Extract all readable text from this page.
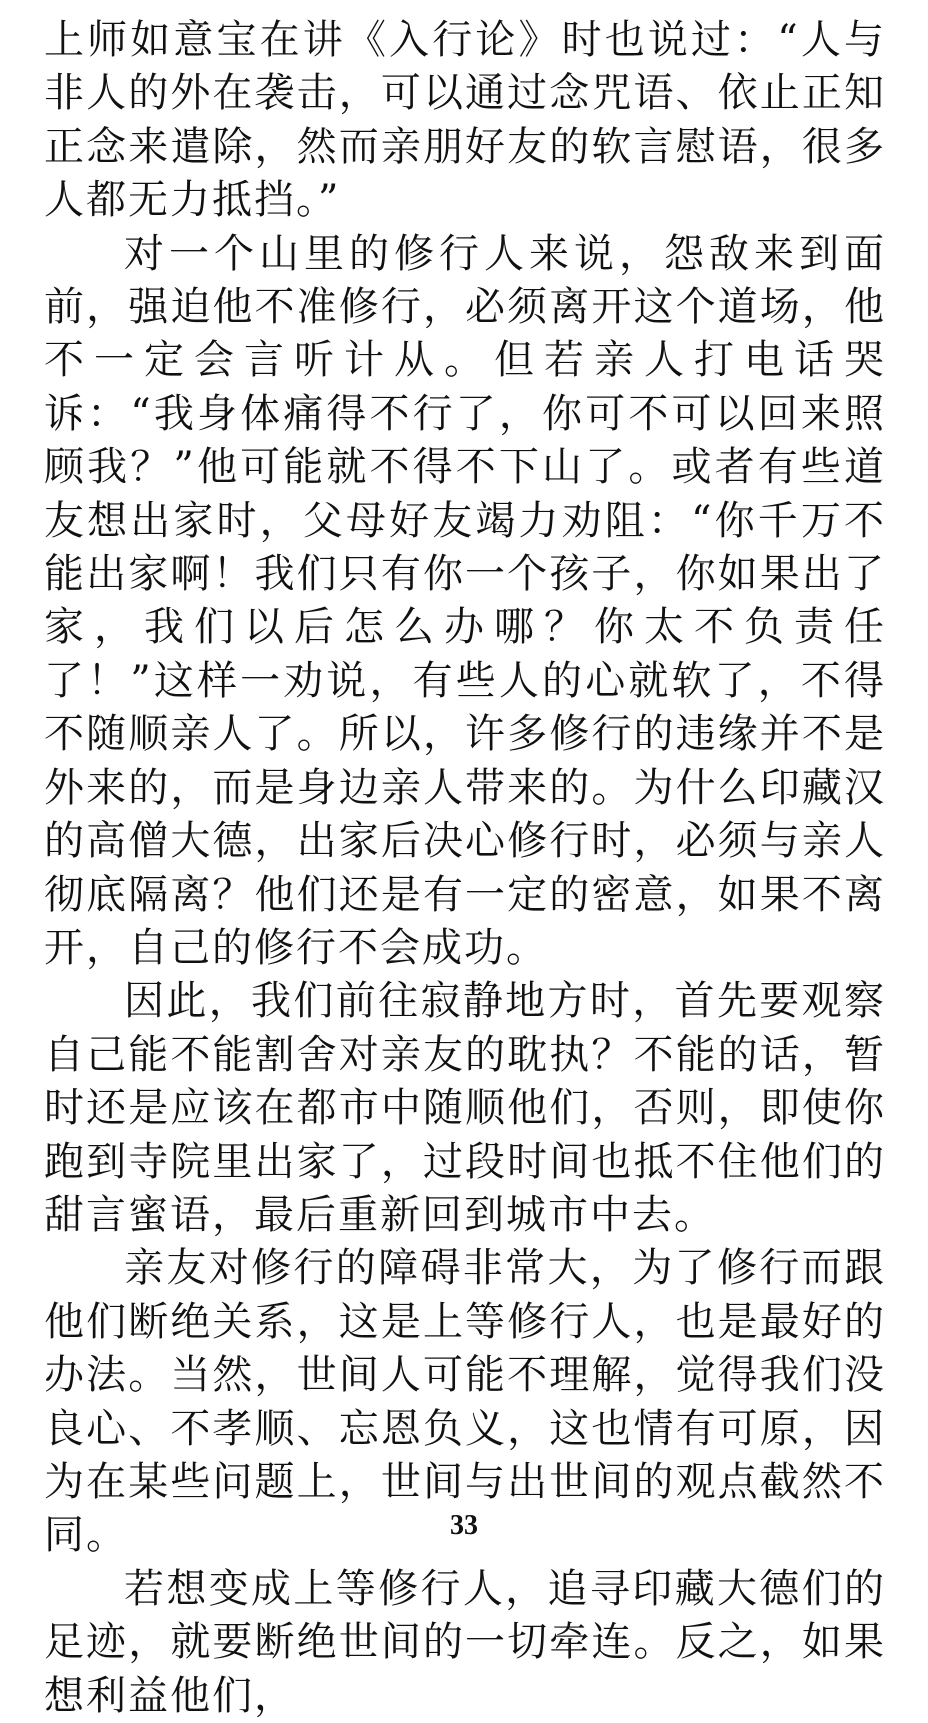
上师如意宝在讲《入行论》时也说过：“人与非人的外在袭击，可以通过念咒语、依止正知正念来遣除，然而亲朋好友的软言慰语，很多人都无力抵挡。”

对一个山里的修行人来说，怨敌来到面前，强迫他不准修行，必须离开这个道场，他不一定会言听计从。但若亲人打电话哭诉：“我身体痛得不行了，你可不可以回来照顾我？”他可能就不得不下山了。或者有些道友想出家时，父母好友竭力劝阻：“你千万不能出家啊！我们只有你一个孩子，你如果出了家，我们以后怎么办哪？你太不负责任了！”这样一劝说，有些人的心就软了，不得不随顺亲人了。所以，许多修行的违缘并不是外来的，而是身边亲人带来的。为什么印藏汉的高僧大德，出家后决心修行时，必须与亲人彻底隔离？他们还是有一定的密意，如果不离开，自己的修行不会成功。

因此，我们前往寂静地方时，首先要观察自己能不能割舍对亲友的耽执？不能的话，暂时还是应该在都市中随顺他们，否则，即使你跑到寺院里出家了，过段时间也抵不住他们的甜言蜜语，最后重新回到城市中去。

亲友对修行的障碍非常大，为了修行而跟他们断绝关系，这是上等修行人，也是最好的办法。当然，世间人可能不理解，觉得我们没良心、不孝顺、忘恩负义，这也情有可原，因为在某些问题上，世间与出世间的观点截然不同。

若想变成上等修行人，追寻印藏大德们的足迹，就要断绝世间的一切牵连。反之，如果想利益他们，

33
